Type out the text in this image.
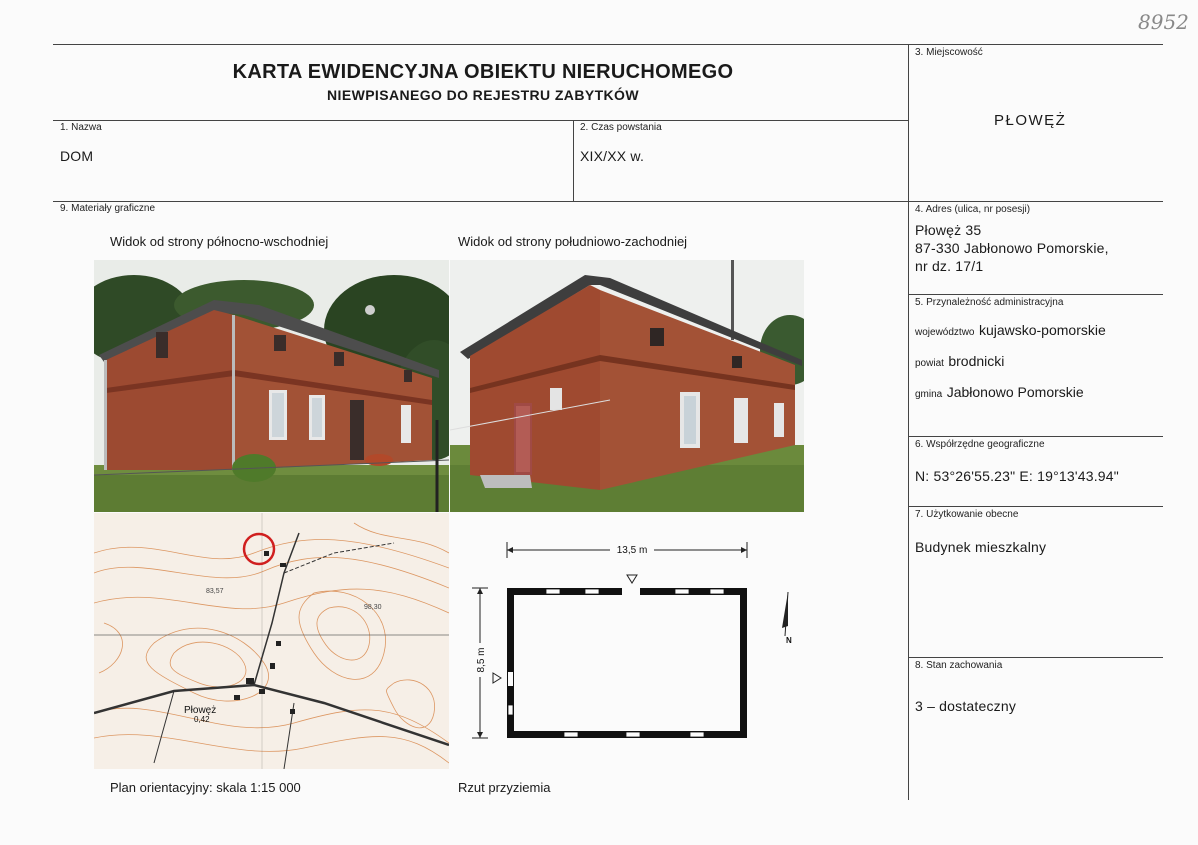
8952
KARTA EWIDENCYJNA OBIEKTU NIERUCHOMEGO
NIEWPISANEGO DO REJESTRU ZABYTKÓW
1. Nazwa
DOM
2. Czas powstania
XIX/XX w.
3. Miejscowość
PŁOWĘŻ
4. Adres (ulica, nr posesji)
Płowęż 35
87-330 Jabłonowo Pomorskie,
nr dz. 17/1
5. Przynależność administracyjna
województwo kujawsko-pomorskie
powiat brodnicki
gmina Jabłonowo Pomorskie
6. Współrzędne geograficzne
N: 53°26'55.23" E: 19°13'43.94"
7. Użytkowanie obecne
Budynek mieszkalny
8. Stan zachowania
3 – dostateczny
9. Materiały graficzne
Widok od strony północno-wschodniej	Widok od strony południowo-zachodniej
Plan orientacyjny: skala 1:15 000	Rzut przyziemia
Płowęż
0,42
83,57
98,30
13,5 m
8,5 m
N
